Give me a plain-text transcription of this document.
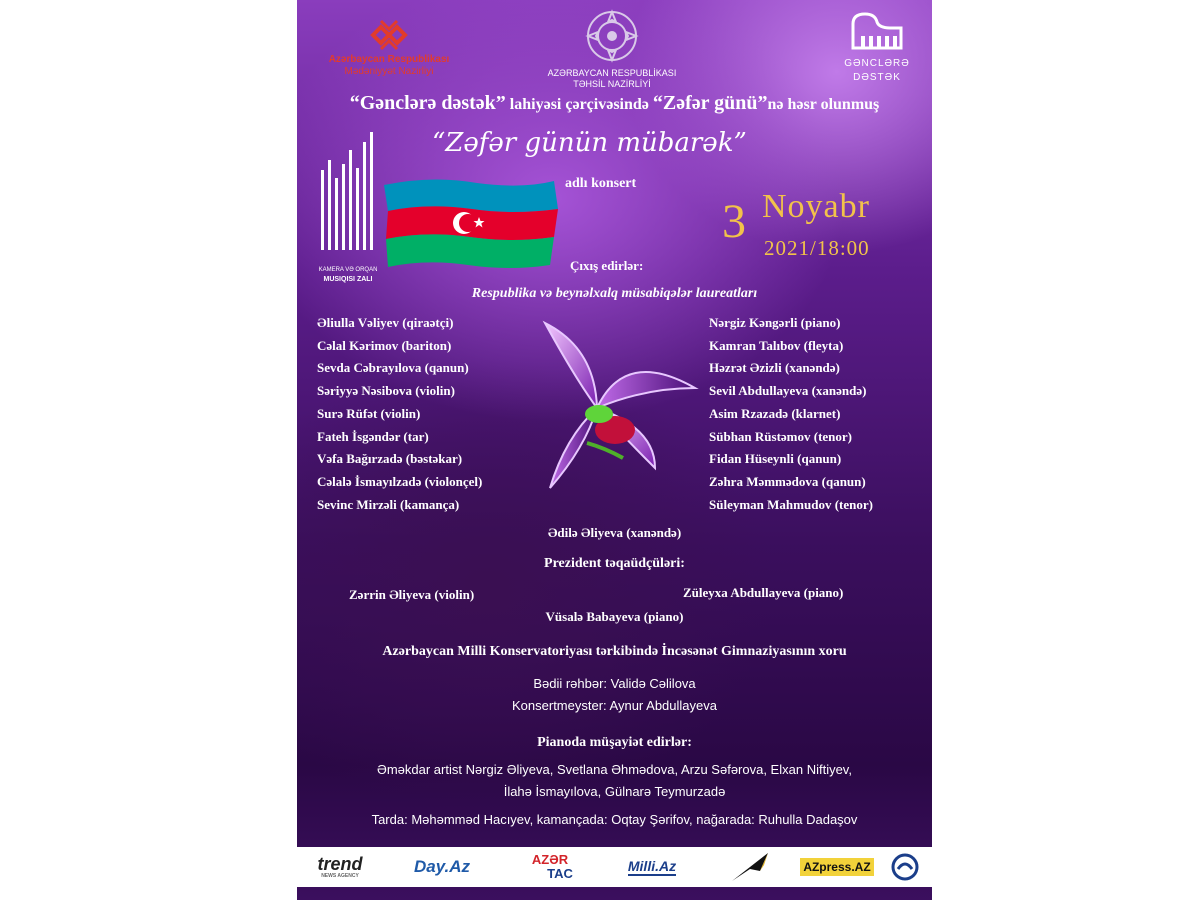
Azərbaycan Respublikası
Mədəniyyət Nazirliyi	AZƏRBAYCAN RESPUBLİKASI
TƏHSİL NAZİRLİYİ
GƏNCLƏRƏ
DƏSTƏK
“Gənclərə dəstək” lahiyəsi çərçivəsində “Zəfər günü”nə həsr olunmuş
“Zəfər günün mübarək”
KAMERA VƏ ORQAN
MUSIQISI ZALI
adlı konsert
3 Noyabr
2021/18:00
Çıxış edirlər:
Respublika və beynəlxalq müsabiqələr laureatları
Əliulla Vəliyev (qiraətçi)
Cəlal Kərimov (bariton)
Sevda Cəbrayılova (qanun)
Səriyyə Nəsibova (violin)
Surə Rüfət (violin)
Fateh İsgəndər (tar)
Vəfa Bağırzadə (bəstəkar)
Cəlalə İsmayılzadə (violonçel)
Sevinc Mirzəli (kamança)
Nərgiz Kəngərli (piano)
Kamran Talıbov (fleyta)
Həzrət Əzizli (xanəndə)
Sevil Abdullayeva (xanəndə)
Asim Rzazadə (klarnet)
Sübhan Rüstəmov (tenor)
Fidan Hüseynli (qanun)
Zəhra Məmmədova (qanun)
Süleyman Mahmudov (tenor)
Ədilə Əliyeva (xanəndə)
Prezident təqaüdçüləri:
Zərrin Əliyeva (violin)	Züleyxa Abdullayeva (piano)
Vüsalə Babayeva (piano)
Azərbaycan Milli Konservatoriyası tərkibində İncəsənət Gimnaziyasının xoru
Bədii rəhbər: Validə Cəlilova
Konsertmeyster: Aynur Abdullayeva
Pianoda müşayiət edirlər:
Əməkdar artist Nərgiz Əliyeva, Svetlana Əhmədova, Arzu Səfərova, Elxan Niftiyev,
İlahə İsmayılova, Gülnarə Teymurzadə
Tarda: Məhəmməd Hacıyev, kamançada: Oqtay Şərifov, nağarada: Ruhulla Dadaşov
trend
NEWS AGENCY	Day.Az	AZƏR
TAC	Milli.Az	AZpress.AZ
